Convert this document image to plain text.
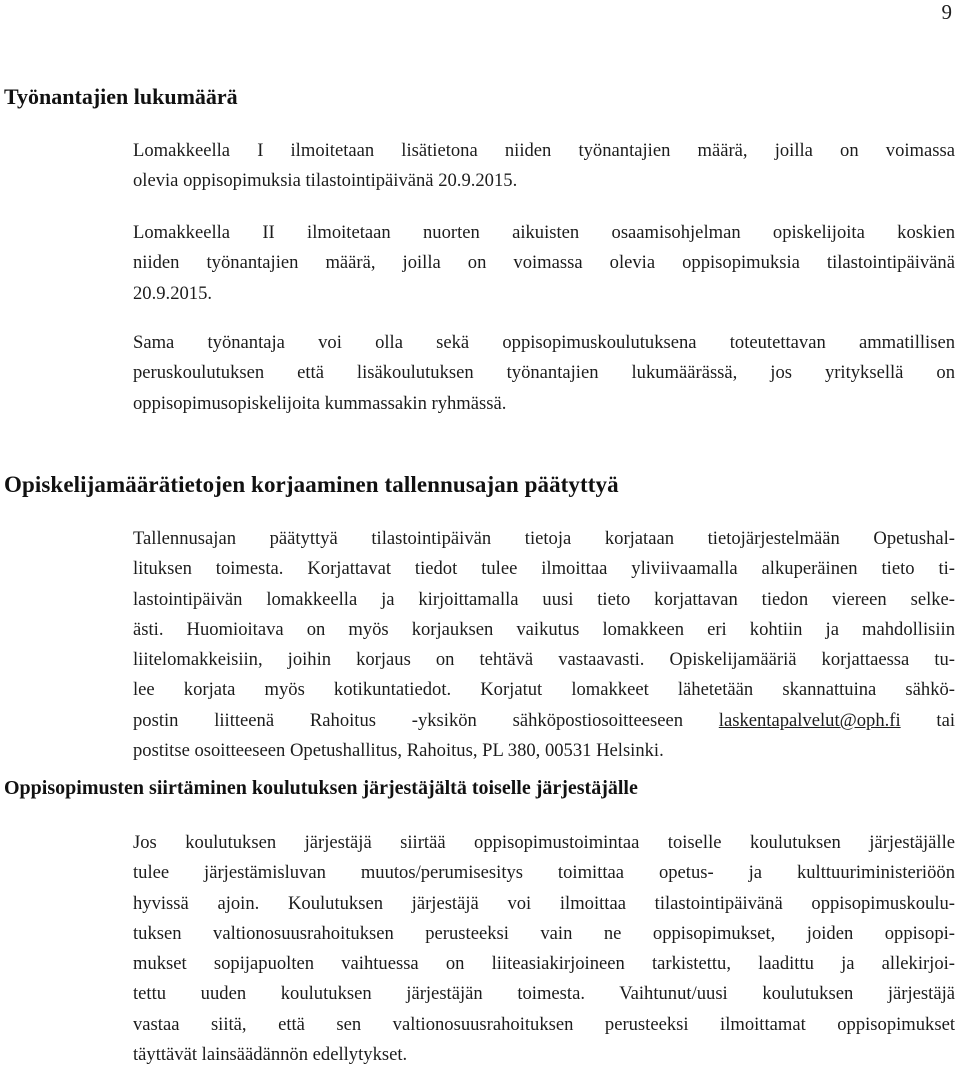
9
Työnantajien lukumäärä

Lomakkeella I ilmoitetaan lisätietona niiden työnantajien määrä, joilla on voimassa
olevia oppisopimuksia tilastointipäivänä 20.9.2015.

Lomakkeella II ilmoitetaan nuorten aikuisten osaamisohjelman opiskelijoita koskien
niiden työnantajien määrä, joilla on voimassa olevia oppisopimuksia tilastointipäivänä
20.9.2015.

Sama työnantaja voi olla sekä oppisopimuskoulutuksena toteutettavan ammatillisen
peruskoulutuksen että lisäkoulutuksen työnantajien lukumäärässä, jos yrityksellä on
oppisopimusopiskelijoita kummassakin ryhmässä.

Opiskelijamäärätietojen korjaaminen tallennusajan päätyttyä

Tallennusajan päätyttyä tilastointipäivän tietoja korjataan tietojärjestelmään Opetushal-
lituksen toimesta. Korjattavat tiedot tulee ilmoittaa yliviivaamalla alkuperäinen tieto ti-
lastointipäivän lomakkeella ja kirjoittamalla uusi tieto korjattavan tiedon viereen selke-
ästi. Huomioitava on myös korjauksen vaikutus lomakkeen eri kohtiin ja mahdollisiin
liitelomakkeisiin, joihin korjaus on tehtävä vastaavasti. Opiskelijamääriä korjattaessa tu-
lee korjata myös kotikuntatiedot. Korjatut lomakkeet lähetetään skannattuina sähkö-
postin liitteenä Rahoitus -yksikön sähköpostiosoitteeseen laskentapalvelut@oph.fi tai
postitse osoitteeseen Opetushallitus, Rahoitus, PL 380, 00531 Helsinki.

Oppisopimusten siirtäminen koulutuksen järjestäjältä toiselle järjestäjälle

Jos koulutuksen järjestäjä siirtää oppisopimustoimintaa toiselle koulutuksen järjestäjälle
tulee järjestämisluvan muutos/perumisesitys toimittaa opetus- ja kulttuuriministeriöön
hyvissä ajoin. Koulutuksen järjestäjä voi ilmoittaa tilastointipäivänä oppisopimuskoulu-
tuksen valtionosuusrahoituksen perusteeksi vain ne oppisopimukset, joiden oppisopi-
mukset sopijapuolten vaihtuessa on liiteasiakirjoineen tarkistettu, laadittu ja allekirjoi-
tettu uuden koulutuksen järjestäjän toimesta. Vaihtunut/uusi koulutuksen järjestäjä
vastaa siitä, että sen valtionosuusrahoituksen perusteeksi ilmoittamat oppisopimukset
täyttävät lainsäädännön edellytykset.
